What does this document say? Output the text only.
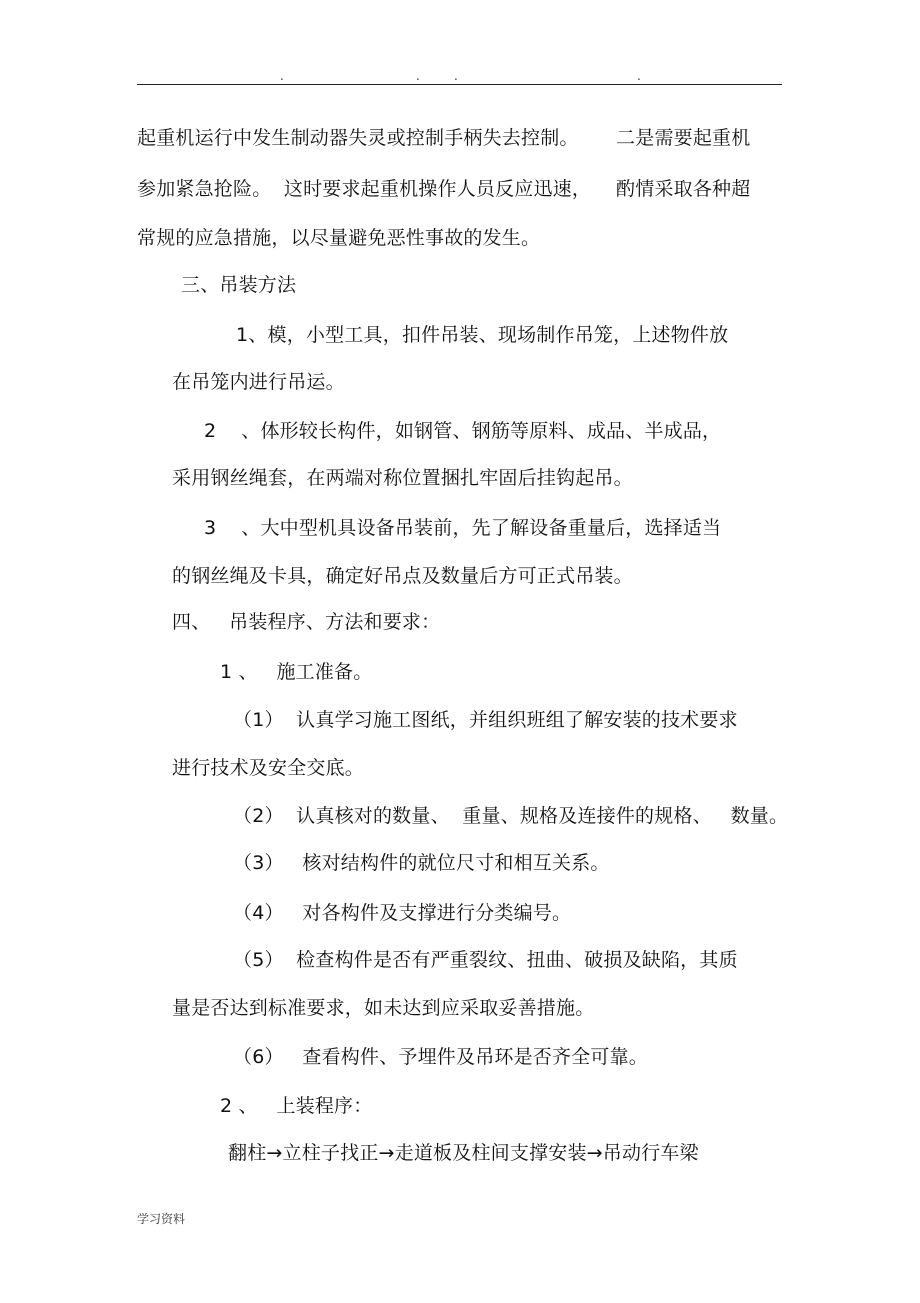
.	.	.	.
起重机运行中发生制动器失灵或控制手柄失去控制。      二是需要起重机
参加紧急抢险。  这时要求起重机操作人员反应迅速，    酌情采取各种超
常规的应急措施，以尽量避免恶性事故的发生。
三、吊装方法
1、模，小型工具，扣件吊装、现场制作吊笼，上述物件放
在吊笼内进行吊运。
2    、体形较长构件，如钢管、钢筋等原料、成品、半成品，
采用钢丝绳套，在两端对称位置捆扎牢固后挂钩起吊。
3    、大中型机具设备吊装前，先了解设备重量后，选择适当
的钢丝绳及卡具，确定好吊点及数量后方可正式吊装。
四、   吊装程序、方法和要求：
1 、   施工准备。
（1）  认真学习施工图纸，并组织班组了解安装的技术要求
进行技术及安全交底。
（2）  认真核对的数量、  重量、规格及连接件的规格、   数量。
（3）   核对结构件的就位尺寸和相互关系。
（4）   对各构件及支撑进行分类编号。
（5）  检查构件是否有严重裂纹、扭曲、破损及缺陷，其质
量是否达到标准要求，如未达到应采取妥善措施。
（6）   查看构件、予埋件及吊环是否齐全可靠。
2 、   上装程序：
翻柱→立柱子找正→走道板及柱间支撑安装→吊动行车梁
学习资料
